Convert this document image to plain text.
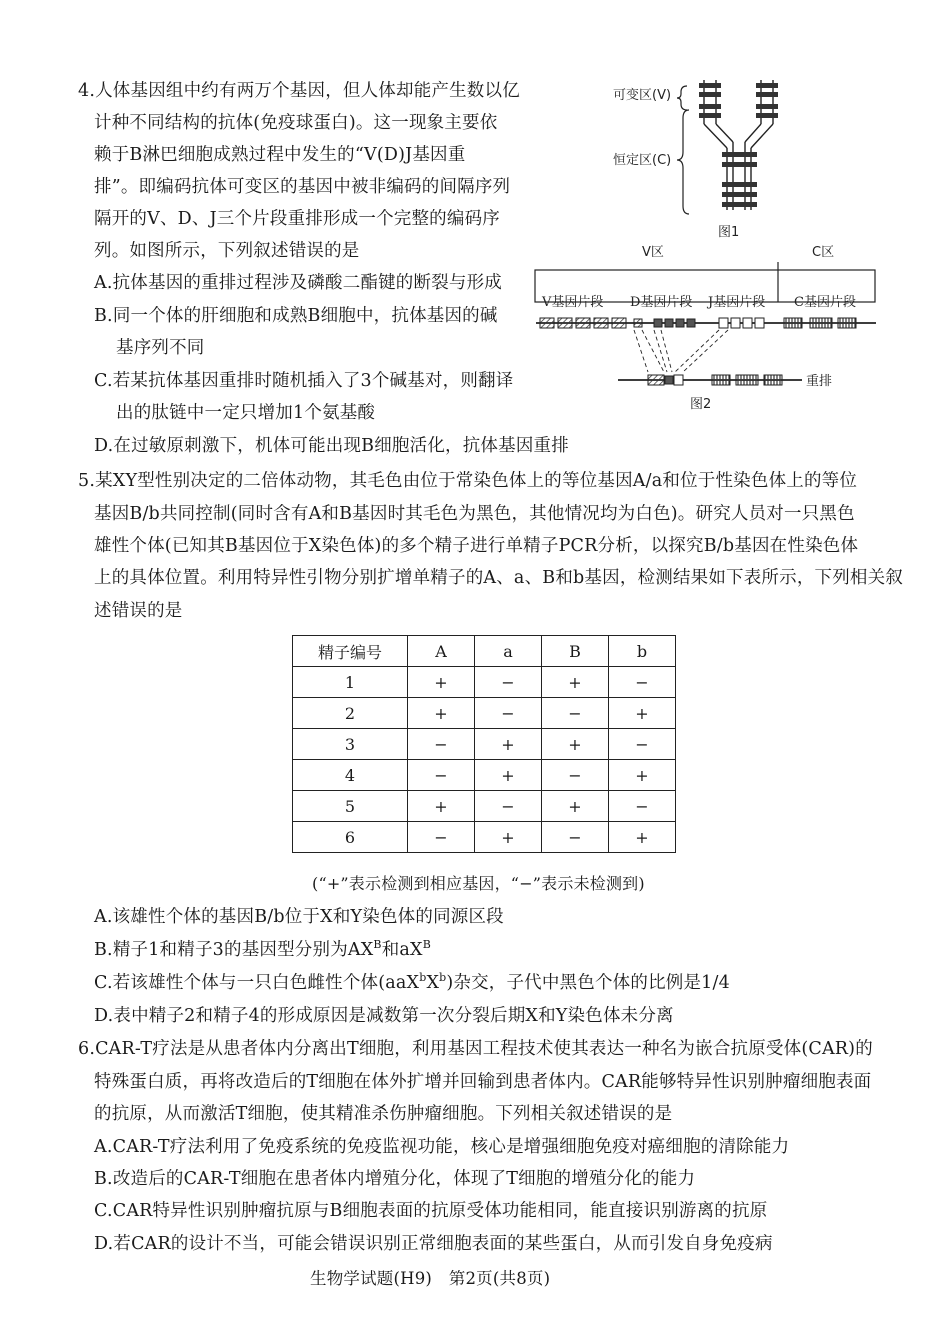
4.人体基因组中约有两万个基因，但人体却能产生数以亿
计种不同结构的抗体(免疫球蛋白)。这一现象主要依
赖于B淋巴细胞成熟过程中发生的“V(D)J基因重
排”。即编码抗体可变区的基因中被非编码的间隔序列
隔开的V、D、J三个片段重排形成一个完整的编码序
列。如图所示，下列叙述错误的是
A.抗体基因的重排过程涉及磷酸二酯键的断裂与形成
B.同一个体的肝细胞和成熟B细胞中，抗体基因的碱
基序列不同
C.若某抗体基因重排时随机插入了3个碱基对，则翻译
出的肽链中一定只增加1个氨基酸
D.在过敏原刺激下，机体可能出现B细胞活化，抗体基因重排
可变区(V)
恒定区(C)
图1
V区	C区
V基因片段 D基因片段 J基因片段 C基因片段
重排
图2
5.某XY型性别决定的二倍体动物，其毛色由位于常染色体上的等位基因A/a和位于性染色体上的等位
基因B/b共同控制(同时含有A和B基因时其毛色为黑色，其他情况均为白色)。研究人员对一只黑色
雄性个体(已知其B基因位于X染色体)的多个精子进行单精子PCR分析，以探究B/b基因在性染色体
上的具体位置。利用特异性引物分别扩增单精子的A、a、B和b基因，检测结果如下表所示，下列相关叙
述错误的是
精子编号	A	a	B	b
1	+	−	+	−
2	+	−	−	+
3	−	+	+	−
4	−	+	−	+
5	+	−	+	−
6	−	+	−	+
(“+”表示检测到相应基因，“−”表示未检测到)
A.该雄性个体的基因B/b位于X和Y染色体的同源区段
B.精子1和精子3的基因型分别为$AX^B$和$aX^B$
C.若该雄性个体与一只白色雌性个体$(aaX^bX^b)$杂交，子代中黑色个体的比例是1/4
D.表中精子2和精子4的形成原因是减数第一次分裂后期X和Y染色体未分离
6.CAR-T疗法是从患者体内分离出T细胞，利用基因工程技术使其表达一种名为嵌合抗原受体(CAR)的
特殊蛋白质，再将改造后的T细胞在体外扩增并回输到患者体内。CAR能够特异性识别肿瘤细胞表面
的抗原，从而激活T细胞，使其精准杀伤肿瘤细胞。下列相关叙述错误的是
A.CAR-T疗法利用了免疫系统的免疫监视功能，核心是增强细胞免疫对癌细胞的清除能力
B.改造后的CAR-T细胞在患者体内增殖分化，体现了T细胞的增殖分化的能力
C.CAR特异性识别肿瘤抗原与B细胞表面的抗原受体功能相同，能直接识别游离的抗原
D.若CAR的设计不当，可能会错误识别正常细胞表面的某些蛋白，从而引发自身免疫病
生物学试题(H9)　第2页(共8页)
